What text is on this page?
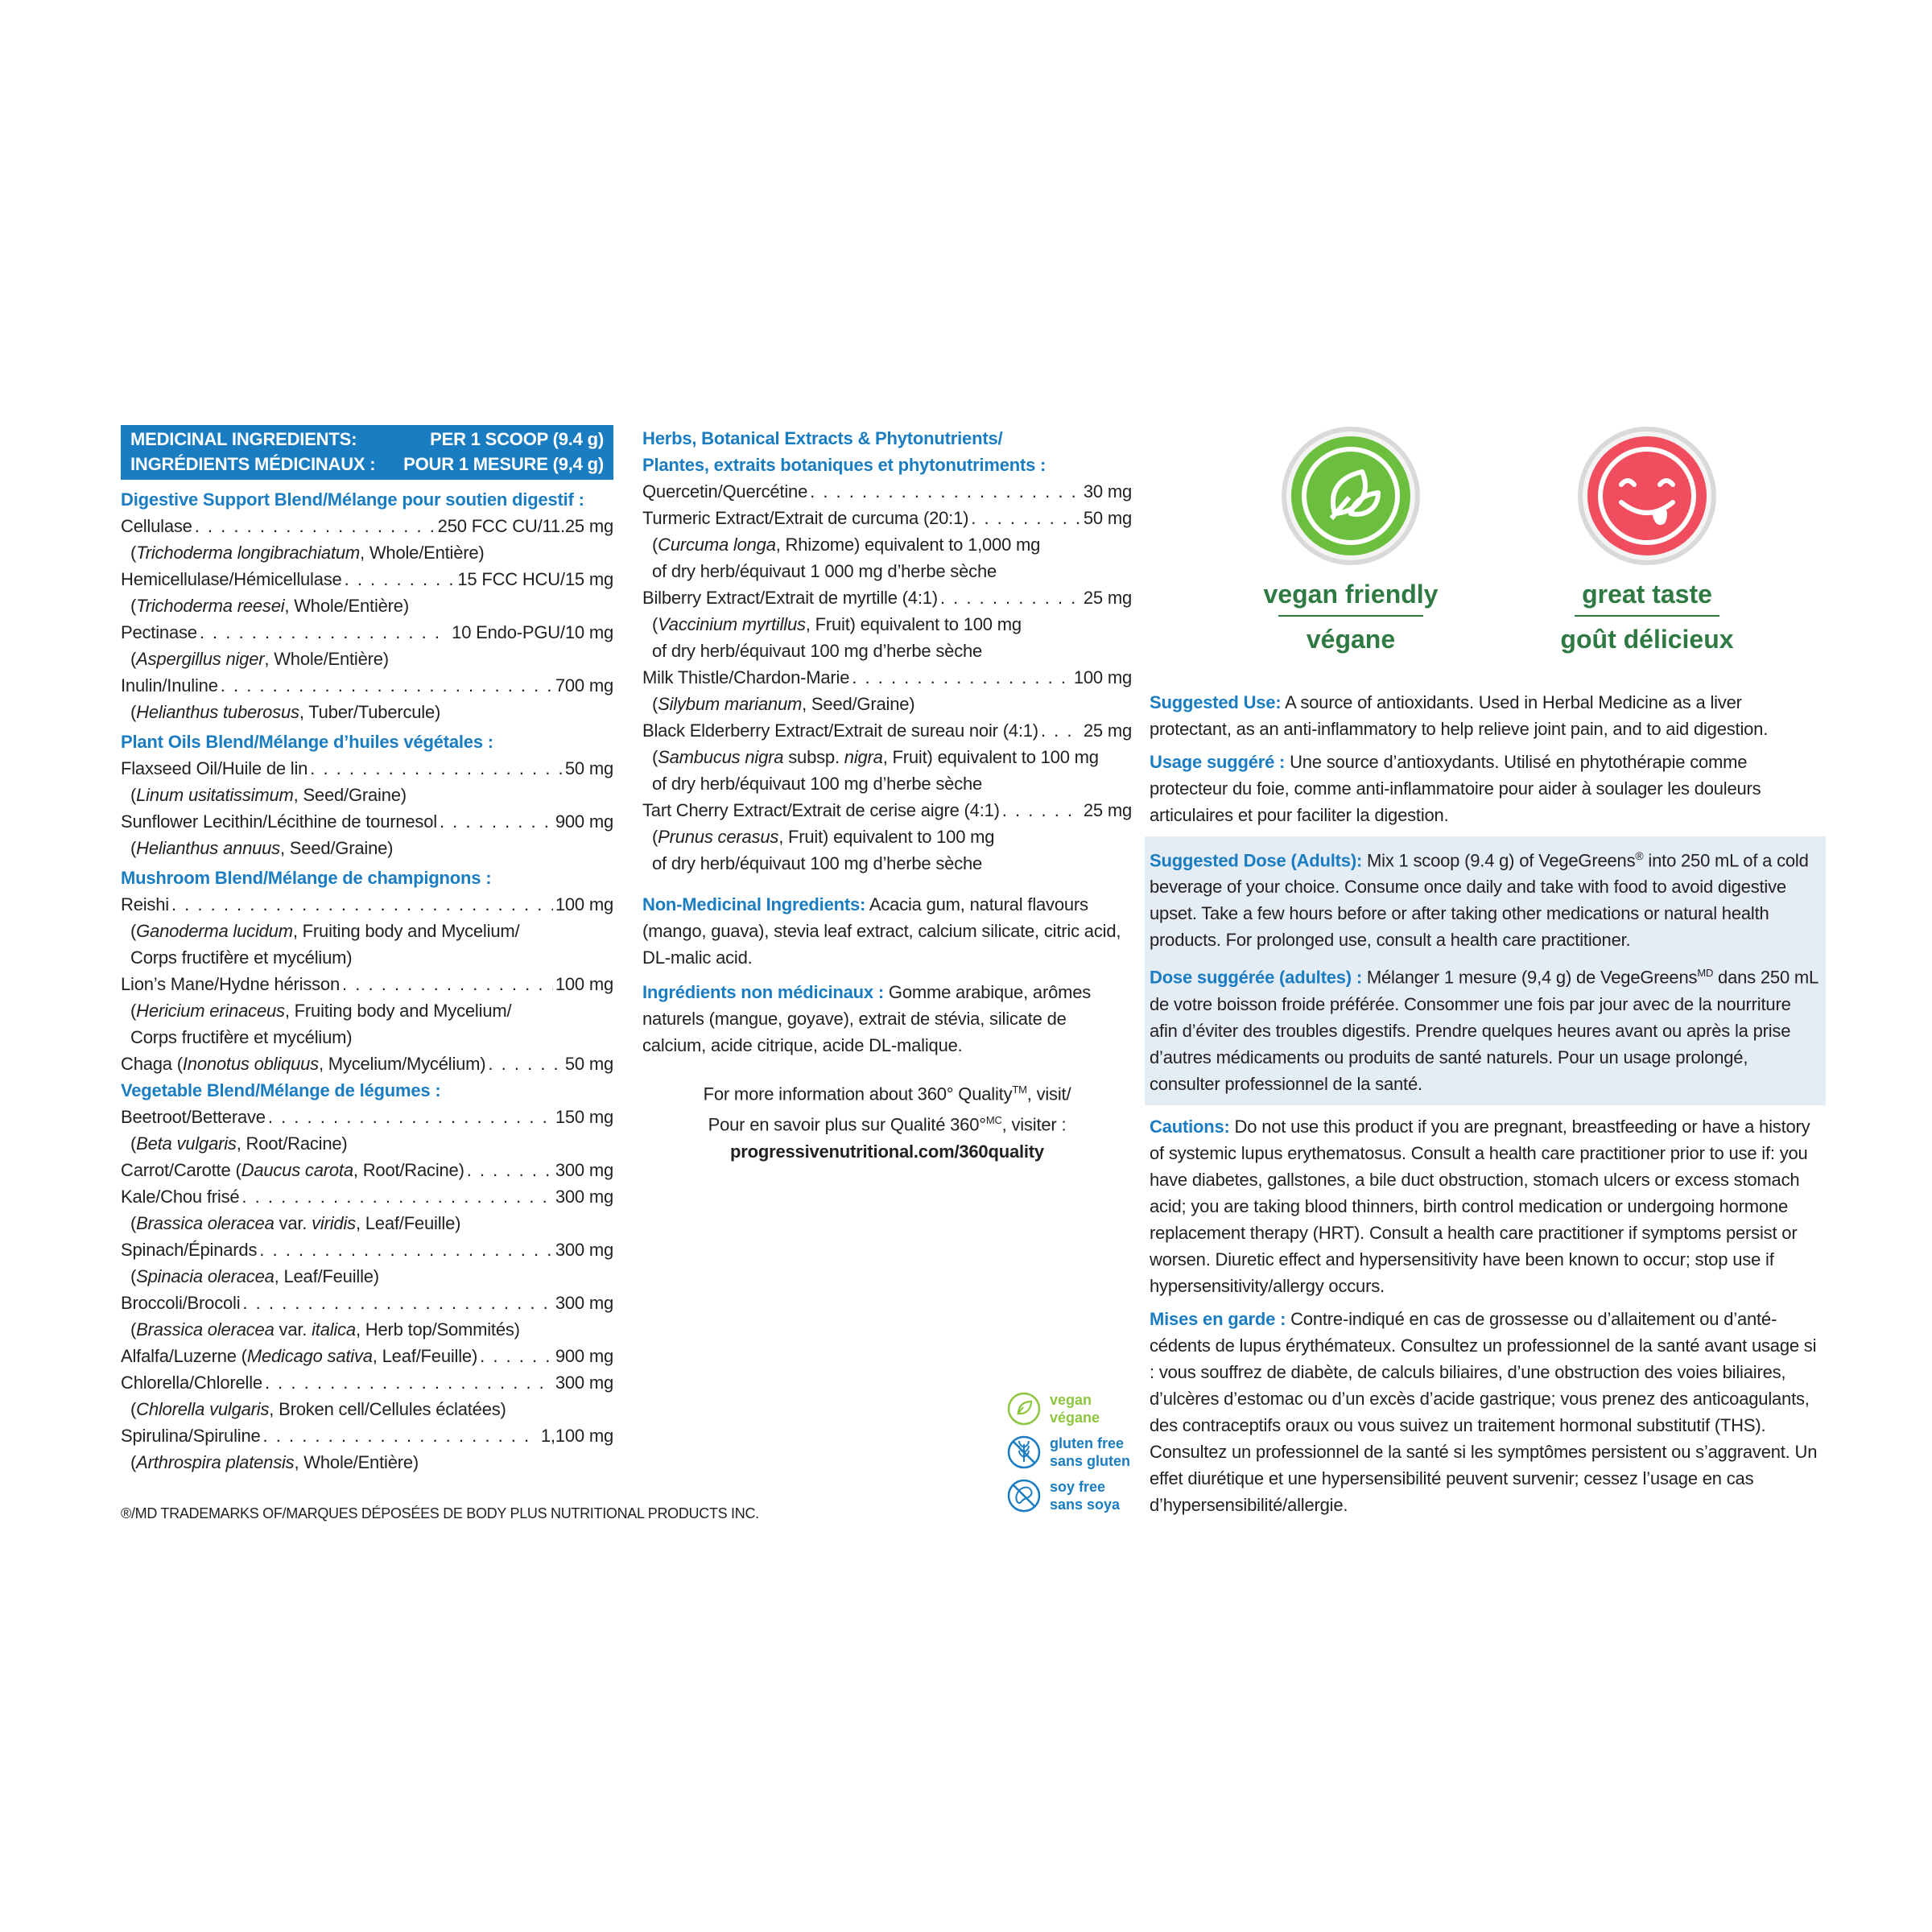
MEDICINAL INGREDIENTS:	PER 1 SCOOP (9.4 g)
INGRÉDIENTS MÉDICINAUX : POUR 1 MESURE (9,4 g)
Digestive Support Blend/Mélange pour soutien digestif :
Cellulase . . .	250 FCC CU/11.25 mg
(Trichoderma longibrachiatum, Whole/Entière)
Hemicellulase/Hémicellulase . . .	15 FCC HCU/15 mg
(Trichoderma reesei, Whole/Entière)
Pectinase . . .	10 Endo-PGU/10 mg
(Aspergillus niger, Whole/Entière)
Inulin/Inuline . . .	700 mg
(Helianthus tuberosus, Tuber/Tubercule)
Plant Oils Blend/Mélange d’huiles végétales :
Flaxseed Oil/Huile de lin . . .	50 mg
(Linum usitatissimum, Seed/Graine)
Sunflower Lecithin/Lécithine de tournesol . . .	900 mg
(Helianthus annuus, Seed/Graine)
Mushroom Blend/Mélange de champignons :
Reishi . . .	100 mg
(Ganoderma lucidum, Fruiting body and Mycelium/
Corps fructifère et mycélium)
Lion’s Mane/Hydne hérisson . . .	100 mg
(Hericium erinaceus, Fruiting body and Mycelium/
Corps fructifère et mycélium)
Chaga (Inonotus obliquus, Mycelium/Mycélium) . . .	50 mg
Vegetable Blend/Mélange de légumes :
Beetroot/Betterave . . .	150 mg
(Beta vulgaris, Root/Racine)
Carrot/Carotte (Daucus carota, Root/Racine) . . .	300 mg
Kale/Chou frisé . . .	300 mg
(Brassica oleracea var. viridis, Leaf/Feuille)
Spinach/Épinards . . .	300 mg
(Spinacia oleracea, Leaf/Feuille)
Broccoli/Brocoli . . .	300 mg
(Brassica oleracea var. italica, Herb top/Sommités)
Alfalfa/Luzerne (Medicago sativa, Leaf/Feuille) . . .	900 mg
Chlorella/Chlorelle . . .	300 mg
(Chlorella vulgaris, Broken cell/Cellules éclatées)
Spirulina/Spiruline . . .	1,100 mg
(Arthrospira platensis, Whole/Entière)
®/MD TRADEMARKS OF/MARQUES DÉPOSÉES DE BODY PLUS NUTRITIONAL PRODUCTS INC.
Herbs, Botanical Extracts & Phytonutrients/
Plantes, extraits botaniques et phytonutriments :
Quercetin/Quercétine . . .	30 mg
Turmeric Extract/Extrait de curcuma (20:1) . . .	50 mg
(Curcuma longa, Rhizome) equivalent to 1,000 mg
of dry herb/équivaut 1 000 mg d’herbe sèche
Bilberry Extract/Extrait de myrtille (4:1) . . .	25 mg
(Vaccinium myrtillus, Fruit) equivalent to 100 mg
of dry herb/équivaut 100 mg d’herbe sèche
Milk Thistle/Chardon-Marie . . .	100 mg
(Silybum marianum, Seed/Graine)
Black Elderberry Extract/Extrait de sureau noir (4:1) . . .	25 mg
(Sambucus nigra subsp. nigra, Fruit) equivalent to 100 mg
of dry herb/équivaut 100 mg d’herbe sèche
Tart Cherry Extract/Extrait de cerise aigre (4:1) . . .	25 mg
(Prunus cerasus, Fruit) equivalent to 100 mg
of dry herb/équivaut 100 mg d’herbe sèche
Non-Medicinal Ingredients: Acacia gum, natural flavours (mango, guava), stevia leaf extract, calcium silicate, citric acid, DL-malic acid.
Ingrédients non médicinaux : Gomme arabique, arômes naturels (mangue, goyave), extrait de stévia, silicate de calcium, acide citrique, acide DL-malique.
For more information about 360° Quality™, visit/
Pour en savoir plus sur Qualité 360°$^{MC}$, visiter :
progressivenutritional.com/360quality
vegan
végane
gluten free
sans gluten
soy free
sans soya
vegan friendly
végane
great taste
goût délicieux
Suggested Use: A source of antioxidants. Used in Herbal Medicine as a liver protectant, as an anti-inflammatory to help relieve joint pain, and to aid digestion.
Usage suggéré : Une source d’antioxydants. Utilisé en phytothérapie comme protecteur du foie, comme anti-inflammatoire pour aider à soulager les douleurs articulaires et pour faciliter la digestion.
Suggested Dose (Adults): Mix 1 scoop (9.4 g) of VegeGreens® into 250 mL of a cold beverage of your choice. Consume once daily and take with food to avoid digestive upset. Take a few hours before or after taking other medications or natural health products. For prolonged use, consult a health care practitioner.
Dose suggérée (adultes) : Mélanger 1 mesure (9,4 g) de VegeGreens$^{MD}$ dans 250 mL de votre boisson froide préférée. Consommer une fois par jour avec de la nourriture afin d’éviter des troubles digestifs. Prendre quelques heures avant ou après la prise d’autres médicaments ou produits de santé naturels. Pour un usage prolongé, consulter professionnel de la santé.
Cautions: Do not use this product if you are pregnant, breastfeeding or have a history of systemic lupus erythematosus. Consult a health care practitioner prior to use if: you have diabetes, gallstones, a bile duct obstruction, stomach ulcers or excess stomach acid; you are taking blood thinners, birth control medication or undergoing hormone replacement therapy (HRT). Consult a health care practitioner if symptoms persist or worsen. Diuretic effect and hypersensitivity have been known to occur; stop use if hypersensitivity/allergy occurs.
Mises en garde : Contre-indiqué en cas de grossesse ou d’allaitement ou d’anté-cédents de lupus érythémateux. Consultez un professionnel de la santé avant usage si : vous souffrez de diabète, de calculs biliaires, d’une obstruction des voies biliaires, d’ulcères d’estomac ou d’un excès d’acide gastrique; vous prenez des anticoagulants, des contraceptifs oraux ou vous suivez un traitement hormonal substitutif (THS). Consultez un professionnel de la santé si les symptômes persistent ou s’aggravent. Un effet diurétique et une hypersensibilité peuvent survenir; cessez l’usage en cas d’hypersensibilité/allergie.
